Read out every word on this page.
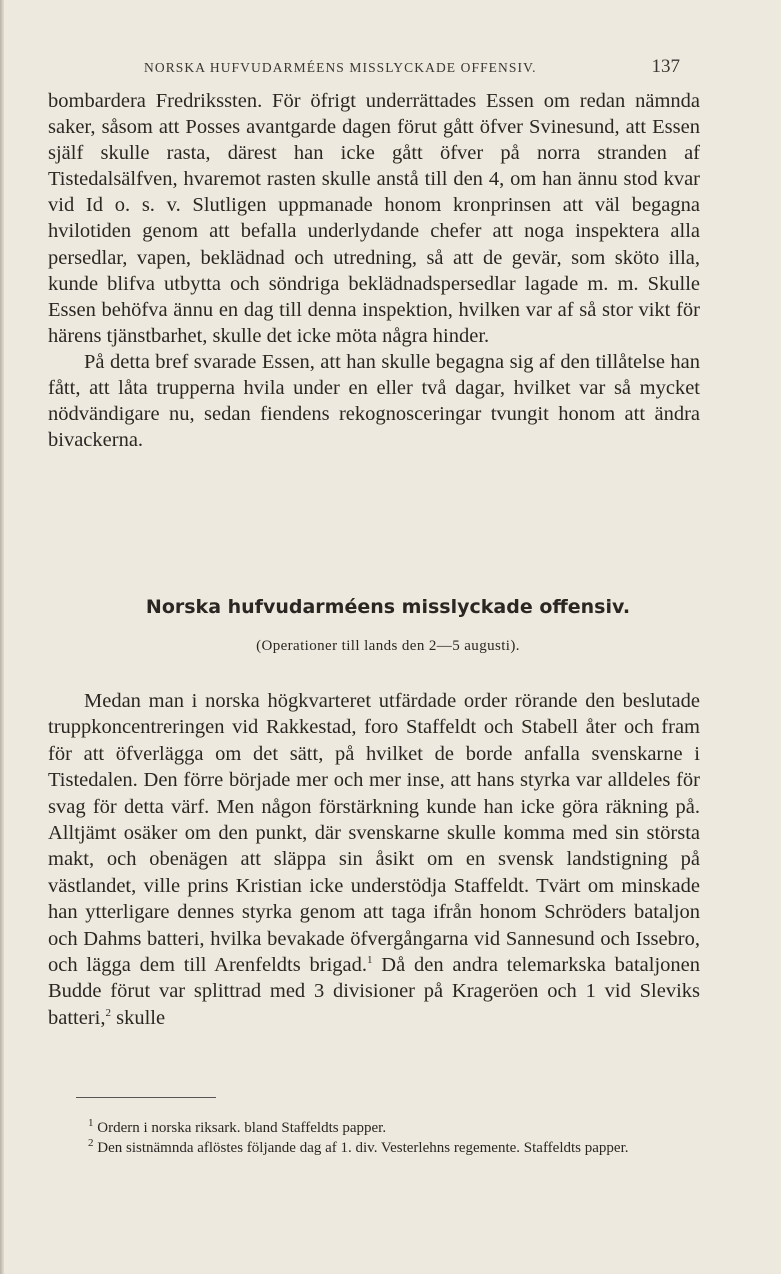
NORSKA HUFVUDARMÉENS MISSLYCKADE OFFENSIV.	137

bombardera Fredrikssten. För öfrigt underrättades Essen om redan nämnda saker, såsom att Posses avantgarde dagen förut gått öfver Svinesund, att Essen själf skulle rasta, därest han icke gått öfver på norra stranden af Tistedalsälfven, hvaremot rasten skulle anstå till den 4, om han ännu stod kvar vid Id o. s. v. Slutligen uppmanade honom kronprinsen att väl begagna hvilotiden genom att befalla underlydande chefer att noga inspektera alla persedlar, vapen, beklädnad och utredning, så att de gevär, som sköto illa, kunde blifva utbytta och söndriga beklädnadspersedlar lagade m. m. Skulle Essen behöfva ännu en dag till denna inspektion, hvilken var af så stor vikt för härens tjänstbarhet, skulle det icke möta några hinder.

På detta bref svarade Essen, att han skulle begagna sig af den tillåtelse han fått, att låta trupperna hvila under en eller två dagar, hvilket var så mycket nödvändigare nu, sedan fiendens rekognosceringar tvungit honom att ändra bivackerna.

Norska hufvudarméens misslyckade offensiv.
(Operationer till lands den 2—5 augusti).

Medan man i norska högkvarteret utfärdade order rörande den beslutade truppkoncentreringen vid Rakkestad, foro Staffeldt och Stabell åter och fram för att öfverlägga om det sätt, på hvilket de borde anfalla svenskarne i Tistedalen. Den förre började mer och mer inse, att hans styrka var alldeles för svag för detta värf. Men någon förstärkning kunde han icke göra räkning på. Alltjämt osäker om den punkt, där svenskarne skulle komma med sin största makt, och obenägen att släppa sin åsikt om en svensk landstigning på västlandet, ville prins Kristian icke understödja Staffeldt. Tvärt om minskade han ytterligare dennes styrka genom att taga ifrån honom Schröders bataljon och Dahms batteri, hvilka bevakade öfvergångarna vid Sannesund och Issebro, och lägga dem till Arenfeldts brigad.$^1$ Då den andra telemarkska bataljonen Budde förut var splittrad med 3 divisioner på Krageröen och 1 vid Sleviks batteri,$^2$ skulle

$^1$ Ordern i norska riksark. bland Staffeldts papper.

$^2$ Den sistnämnda aflöstes följande dag af 1. div. Vesterlehns regemente. Staffeldts papper.
